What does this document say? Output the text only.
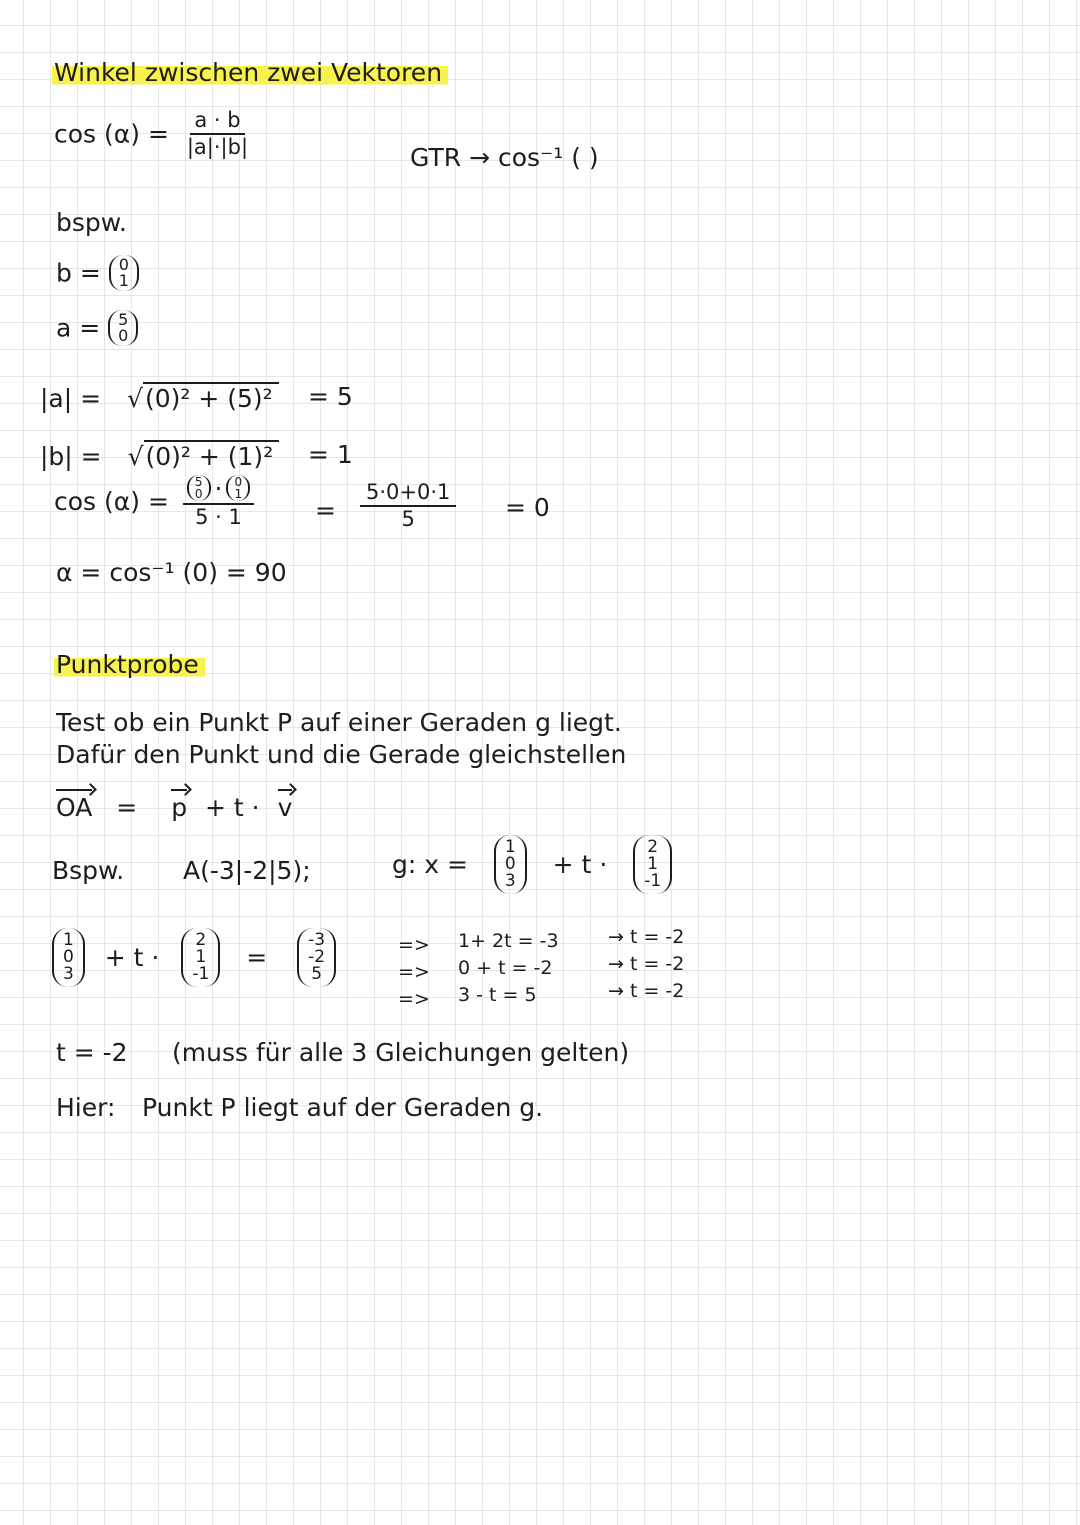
Winkel zwischen zwei Vektoren
$\cos (\alpha) = \frac{a \cdot b}{|a|\cdot|b|}$	GTR → cos⁻¹ ( )
bspw.
b = 0
1
a = 5
0
|a| = √(0)² + (5)² = 5
|b| = √(0)² + (1)² = 1
cos (α) = 5
0 · 0
1
$5 \cdot 1 = \frac{5\cdot 0+0\cdot 1}{5} = 0$
α = cos⁻¹ (0) = 90
Punktprobe
Test ob ein Punkt P auf einer Geraden g liegt.
Dafür den Punkt und die Gerade gleichstellen
OA = p + t · v
Bspw. A(-3|-2|5);	g: x =
1
0
3
+ t ·
2
1
-1
1
0
3
+ t ·
2
1
-1
=
-3
-2
5
=>
=>
=>
1+ 2t = -3
0 + t = -2
3 - t = 5
→ t = -2
→ t = -2
→ t = -2
t = -2 (muss für alle 3 Gleichungen gelten)
Hier: Punkt P liegt auf der Geraden g.
